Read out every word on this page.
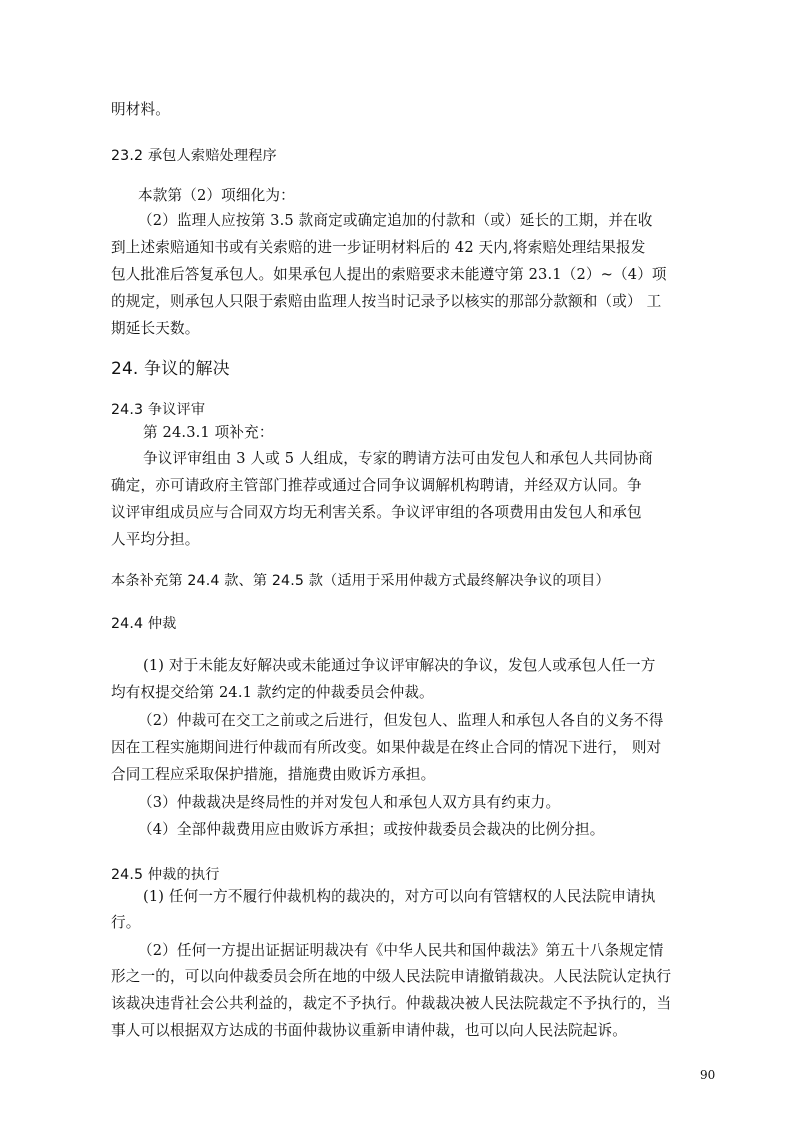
明材料。
23.2 承包人索赔处理程序
本款第（2）项细化为：
（2）监理人应按第 3.5 款商定或确定追加的付款和（或）延长的工期，并在收
到上述索赔通知书或有关索赔的进一步证明材料后的 42 天内,将索赔处理结果报发
包人批准后答复承包人。如果承包人提出的索赔要求未能遵守第 23.1（2）~（4）项
的规定，则承包人只限于索赔由监理人按当时记录予以核实的那部分款额和（或） 工
期延长天数。
24. 争议的解决
24.3 争议评审
第 24.3.1 项补充：
争议评审组由 3 人或 5 人组成，专家的聘请方法可由发包人和承包人共同协商
确定，亦可请政府主管部门推荐或通过合同争议调解机构聘请，并经双方认同。争
议评审组成员应与合同双方均无利害关系。争议评审组的各项费用由发包人和承包
人平均分担。
本条补充第 24.4 款、第 24.5 款（适用于采用仲裁方式最终解决争议的项目）
24.4 仲裁
(1) 对于未能友好解决或未能通过争议评审解决的争议，发包人或承包人任一方
均有权提交给第 24.1 款约定的仲裁委员会仲裁。
（2）仲裁可在交工之前或之后进行，但发包人、监理人和承包人各自的义务不得
因在工程实施期间进行仲裁而有所改变。如果仲裁是在终止合同的情况下进行， 则对
合同工程应采取保护措施，措施费由败诉方承担。
（3）仲裁裁决是终局性的并对发包人和承包人双方具有约束力。
（4）全部仲裁费用应由败诉方承担；或按仲裁委员会裁决的比例分担。
24.5 仲裁的执行
(1) 任何一方不履行仲裁机构的裁决的，对方可以向有管辖权的人民法院申请执
行。
（2）任何一方提出证据证明裁决有《中华人民共和国仲裁法》第五十八条规定情
形之一的，可以向仲裁委员会所在地的中级人民法院申请撤销裁决。人民法院认定执行
该裁决违背社会公共利益的，裁定不予执行。仲裁裁决被人民法院裁定不予执行的，当
事人可以根据双方达成的书面仲裁协议重新申请仲裁，也可以向人民法院起诉。
90
